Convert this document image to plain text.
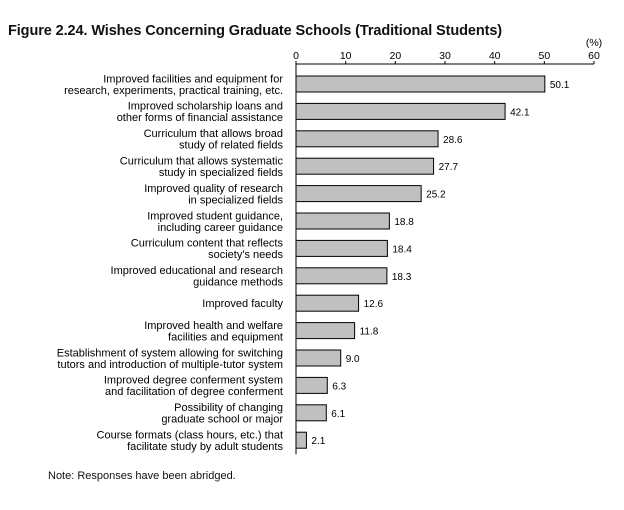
Figure 2.24. Wishes Concerning Graduate Schools (Traditional Students)
0	10	20	30	40	50	60
(%)
50.1
Improved facilities and equipment for
research, experiments, practical training, etc.
42.1
Improved scholarship loans and
other forms of financial assistance
28.6
Curriculum that allows broad
study of related fields
27.7
Curriculum that allows systematic
study in specialized fields
25.2
Improved quality of research
in specialized fields
18.8
Improved student guidance,
including career guidance
18.4
Curriculum content that reflects
society's needs
18.3
Improved educational and research
guidance methods
12.6
Improved faculty
11.8
Improved health and welfare
facilities and equipment
9.0
Establishment of system allowing for switching
tutors and introduction of multiple-tutor system
6.3
Improved degree conferment system
and facilitation of degree conferment
6.1
Possibility of changing
graduate school or major
2.1
Course formats (class hours, etc.) that
facilitate study by adult students
Note: Responses have been abridged.
